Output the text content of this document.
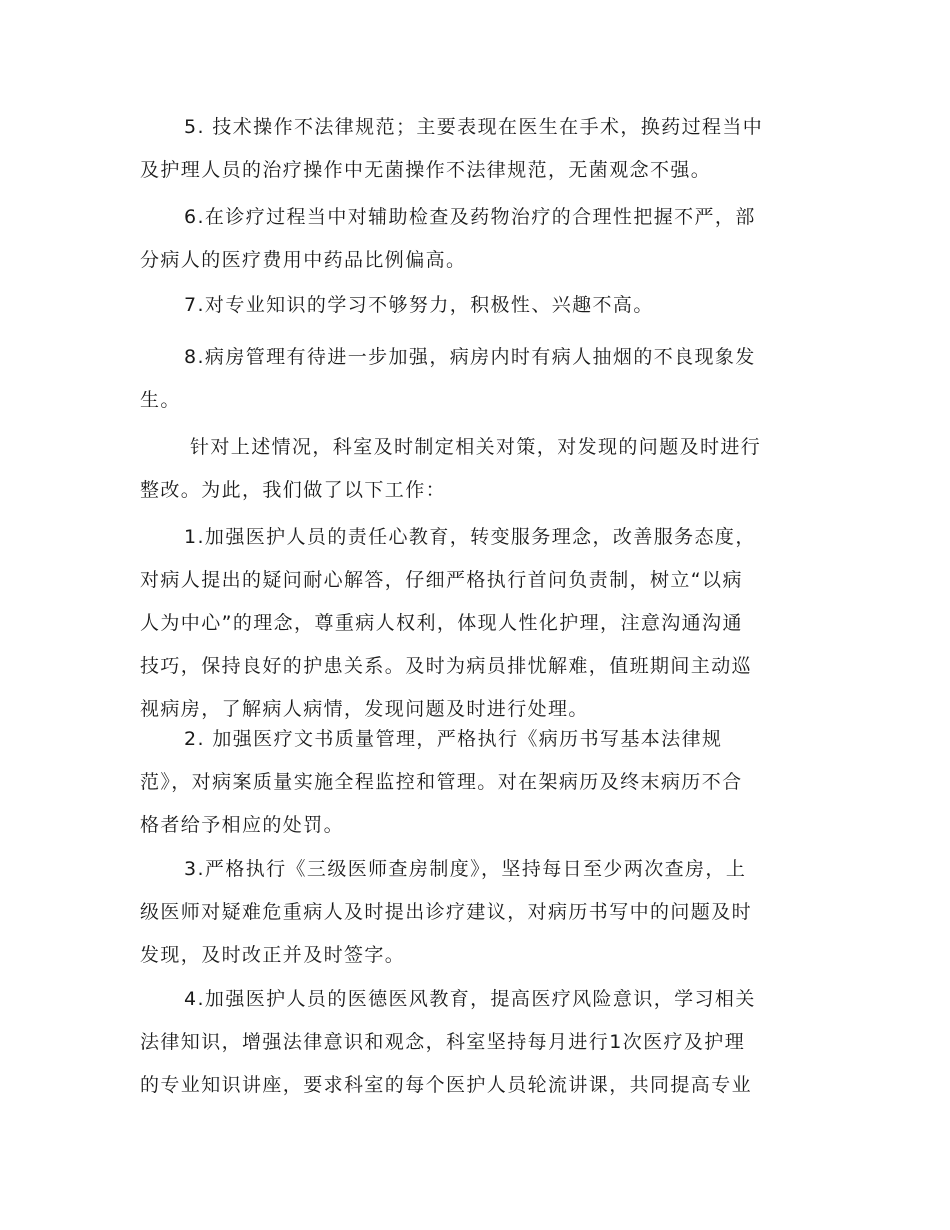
5. 技术操作不法律规范；主要表现在医生在手术，换药过程当中
及护理人员的治疗操作中无菌操作不法律规范，无菌观念不强。

6.在诊疗过程当中对辅助检查及药物治疗的合理性把握不严，部
分病人的医疗费用中药品比例偏高。

7.对专业知识的学习不够努力，积极性、兴趣不高。

8.病房管理有待进一步加强，病房内时有病人抽烟的不良现象发
生。

针对上述情况，科室及时制定相关对策，对发现的问题及时进行
整改。为此，我们做了以下工作：

1.加强医护人员的责任心教育，转变服务理念，改善服务态度，
对病人提出的疑问耐心解答，仔细严格执行首问负责制，树立“以病
人为中心”的理念，尊重病人权利，体现人性化护理，注意沟通沟通
技巧，保持良好的护患关系。及时为病员排忧解难，值班期间主动巡
视病房，了解病人病情，发现问题及时进行处理。

2. 加强医疗文书质量管理，严格执行《病历书写基本法律规
范》，对病案质量实施全程监控和管理。对在架病历及终末病历不合
格者给予相应的处罚。

3.严格执行《三级医师查房制度》，坚持每日至少两次查房，上
级医师对疑难危重病人及时提出诊疗建议，对病历书写中的问题及时
发现，及时改正并及时签字。

4.加强医护人员的医德医风教育，提高医疗风险意识，学习相关
法律知识，增强法律意识和观念，科室坚持每月进行1次医疗及护理
的专业知识讲座，要求科室的每个医护人员轮流讲课，共同提高专业
